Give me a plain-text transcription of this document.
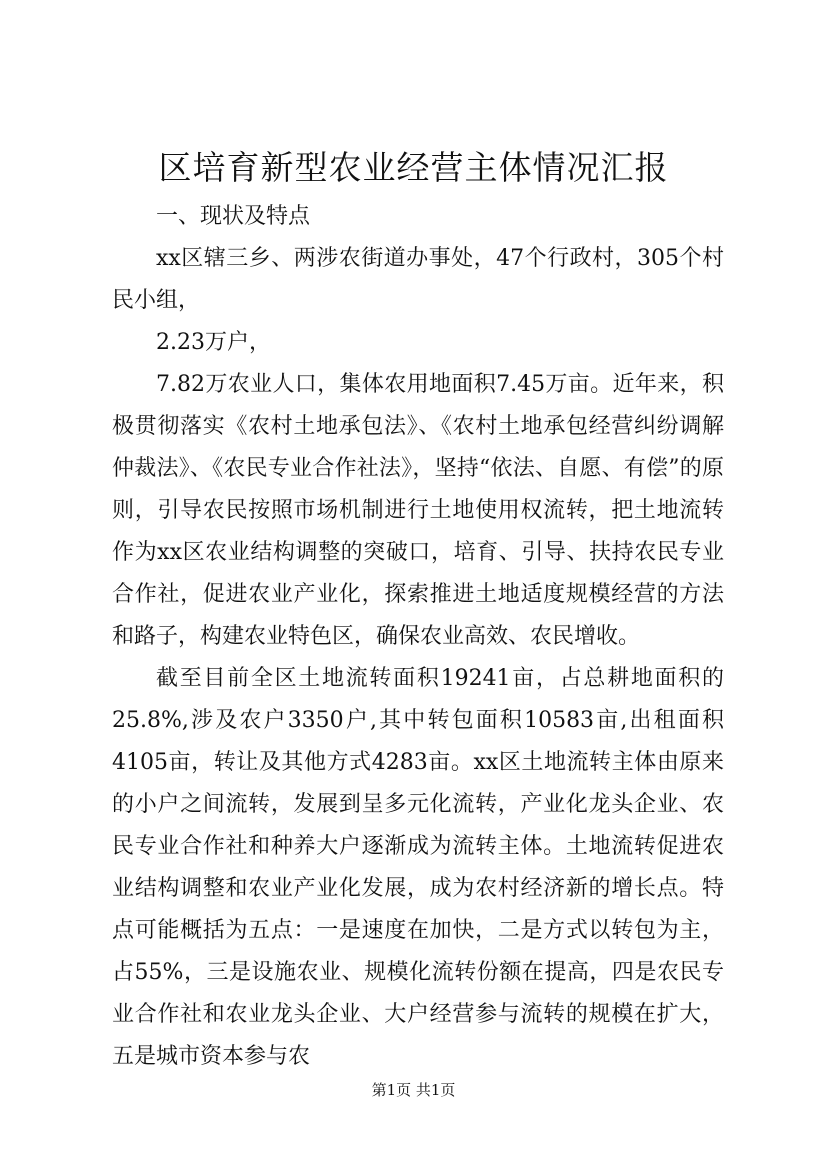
区培育新型农业经营主体情况汇报

一、现状及特点

xx区辖三乡、两涉农街道办事处，47个行政村，305个村民小组，

2.23万户，

7.82万农业人口，集体农用地面积7.45万亩。近年来，积极贯彻落实《农村土地承包法》、《农村土地承包经营纠纷调解仲裁法》、《农民专业合作社法》，坚持“依法、自愿、有偿”的原则，引导农民按照市场机制进行土地使用权流转，把土地流转作为xx区农业结构调整的突破口，培育、引导、扶持农民专业合作社，促进农业产业化，探索推进土地适度规模经营的方法和路子，构建农业特色区，确保农业高效、农民增收。

截至目前全区土地流转面积19241亩，占总耕地面积的25.8%,涉及农户3350户,其中转包面积10583亩,出租面积4105亩，转让及其他方式4283亩。xx区土地流转主体由原来的小户之间流转，发展到呈多元化流转，产业化龙头企业、农民专业合作社和种养大户逐渐成为流转主体。土地流转促进农业结构调整和农业产业化发展，成为农村经济新的增长点。特点可能概括为五点：一是速度在加快，二是方式以转包为主，占55%，三是设施农业、规模化流转份额在提高，四是农民专业合作社和农业龙头企业、大户经营参与流转的规模在扩大，五是城市资本参与农

第1页 共1页
